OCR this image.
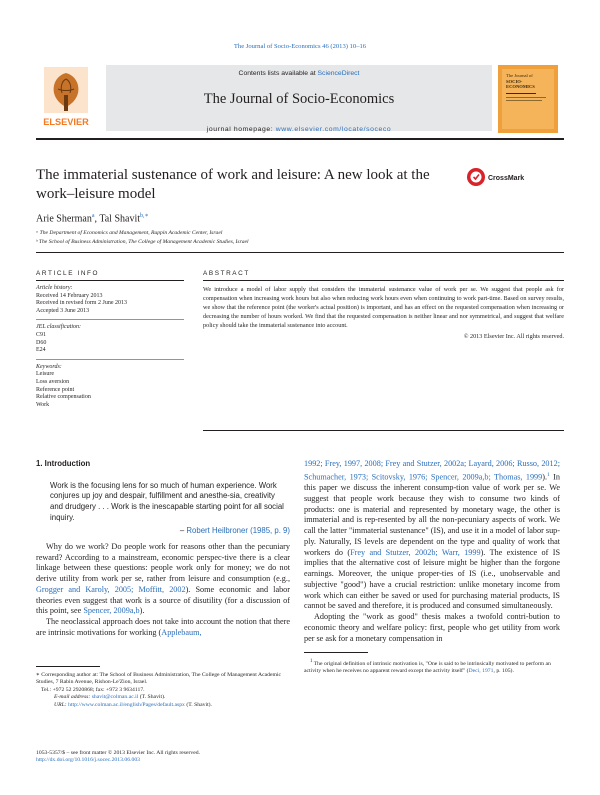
The Journal of Socio-Economics 46 (2013) 10–16
ELSEVIER
Contents lists available at ScienceDirect
The Journal of Socio-Economics
journal homepage: www.elsevier.com/locate/soceco
The Journal of
SOCIO-
ECONOMICS
The immaterial sustenance of work and leisure: A new look at the work–leisure model
CrossMark
Arie Sherman$^a$, Tal Shavit$^{b,∗}$
ᵃ The Department of Economics and Management, Ruppin Academic Center, Israel
ᵇ The School of Business Administration, The College of Management Academic Studies, Israel
ARTICLE INFO
Article history:
Received 14 February 2013
Received in revised form 2 June 2013
Accepted 3 June 2013
JEL classification:
C91
D60
E24
Keywords:
Leisure
Loss aversion
Reference point
Relative compensation
Work
ABSTRACT
We introduce a model of labor supply that considers the immaterial sustenance value of work per se. We suggest that people ask for compensation when increasing work hours but also when reducing work hours even when continuing to work part-time. Based on survey results, we show that the reference point (the worker's actual position) is important, and has an effect on the requested compensation when increasing or decreasing the number of hours worked. We find that the requested compensation is neither linear and nor symmetrical, and suggest that welfare policy should take the immaterial sustenance into account.
© 2013 Elsevier Inc. All rights reserved.
1. Introduction
Work is the focusing lens for so much of human experience. Work conjures up joy and despair, fulfillment and anesthe-sia, creativity and drudgery . . . Work is the inescapable starting point for all social inquiry.
– Robert Heilbroner (1985, p. 9)
Why do we work? Do people work for reasons other than the pecuniary reward? According to a mainstream, economic perspec-tive there is a clear linkage between these questions: people work only for money; we do not derive utility from work per se, rather from leisure and consumption (e.g., Grogger and Karoly, 2005; Moffitt, 2002). Some economic and labor theories even suggest that work is a source of disutility (for a discussion of this point, see Spencer, 2009a,b).
The neoclassical approach does not take into account the notion that there are intrinsic motivations for working (Applebaum,
1992; Frey, 1997, 2008; Frey and Stutzer, 2002a; Layard, 2006; Russo, 2012; Schumacher, 1973; Scitovsky, 1976; Spencer, 2009a,b; Thomas, 1999).$^1$ In this paper we discuss the inherent consump-tion value of work per se. We suggest that people work because they wish to consume two kinds of products: one is material and represented by monetary wage, the other is immaterial and is rep-resented by all the non-pecuniary aspects of work. We call the latter "immaterial sustenance" (IS), and use it in a model of labor sup-ply. Naturally, IS levels are dependent on the type and quality of work that workers do (Frey and Stutzer, 2002b; Warr, 1999). The existence of IS implies that the alternative cost of leisure might be higher than the forgone earnings. Moreover, the unique proper-ties of IS (i.e., unobservable and subjective "good") have a crucial restriction: unlike monetary income from work which can either be saved or used for purchasing material products, IS cannot be saved and therefore, it is produced and consumed simultaneously.
Adopting the "work as good" thesis makes a twofold contri-bution to economic theory and welfare policy: first, people who get utility from work per se ask for a monetary compensation in
∗ Corresponding author at: The School of Business Administration, The College of Management Academic Studies, 7 Rabin Avenue, Rishon-Le'Zion, Israel.
Tel.: +972 52 2920868; fax: +972 3 9634117.
E-mail address: shavit@colman.ac.il (T. Shavit).
URL: http://www.colman.ac.il/english/Pages/default.aspx (T. Shavit).
$^1$ The original definition of intrinsic motivation is, "One is said to be intrinsically motivated to perform an activity when he receives no apparent reward except the activity itself" (Deci, 1971, p. 105).
1053-5357/$ – see front matter © 2013 Elsevier Inc. All rights reserved.
http://dx.doi.org/10.1016/j.socec.2013.06.003
